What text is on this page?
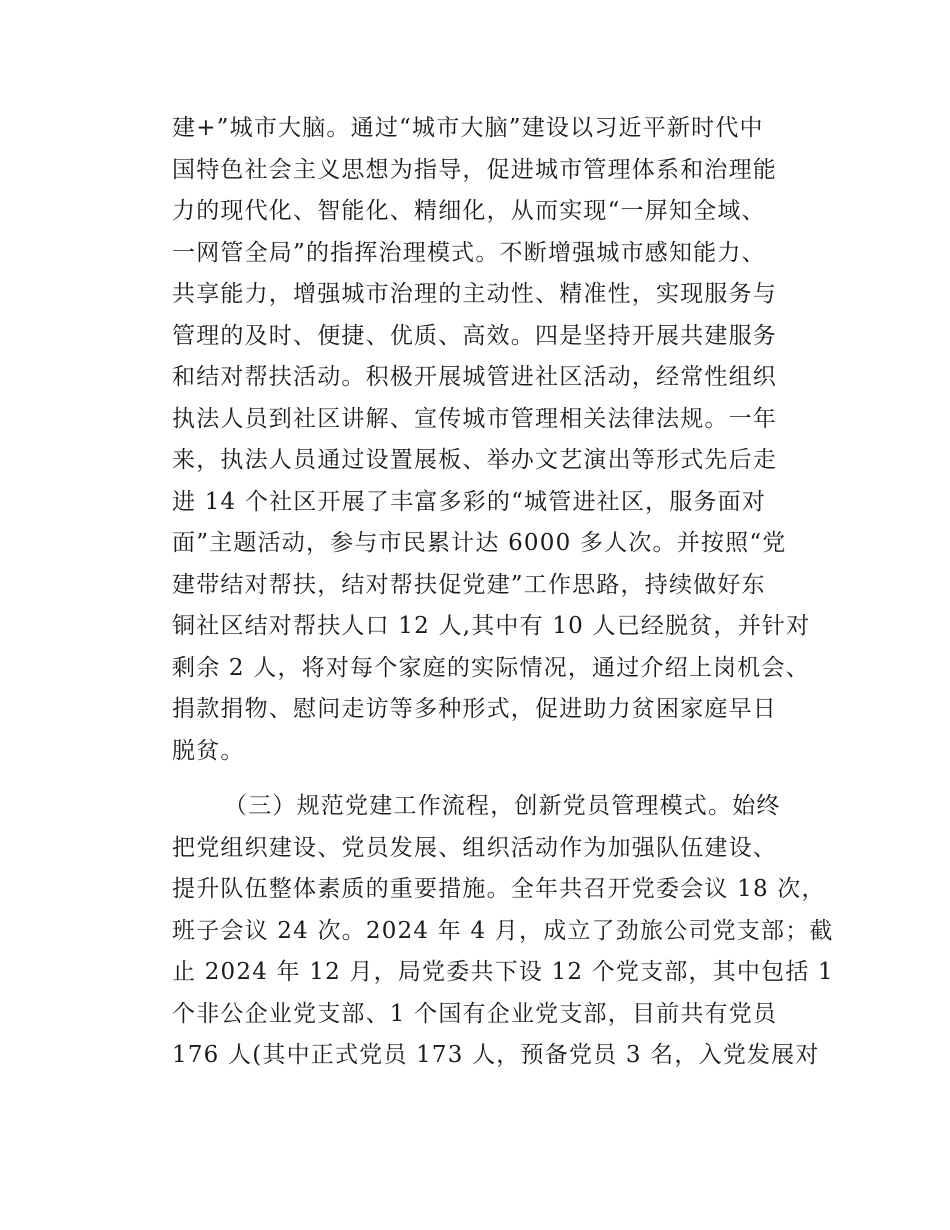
建+”城市大脑。通过“城市大脑”建设以习近平新时代中
国特色社会主义思想为指导，促进城市管理体系和治理能
力的现代化、智能化、精细化，从而实现“一屏知全域、
一网管全局”的指挥治理模式。不断增强城市感知能力、
共享能力，增强城市治理的主动性、精准性，实现服务与
管理的及时、便捷、优质、高效。四是坚持开展共建服务
和结对帮扶活动。积极开展城管进社区活动，经常性组织
执法人员到社区讲解、宣传城市管理相关法律法规。一年
来，执法人员通过设置展板、举办文艺演出等形式先后走
进 14 个社区开展了丰富多彩的“城管进社区，服务面对
面”主题活动，参与市民累计达 6000 多人次。并按照“党
建带结对帮扶，结对帮扶促党建”工作思路，持续做好东
铜社区结对帮扶人口 12 人,其中有 10 人已经脱贫，并针对
剩余 2 人，将对每个家庭的实际情况，通过介绍上岗机会、
捐款捐物、慰问走访等多种形式，促进助力贫困家庭早日
脱贫。
（三）规范党建工作流程，创新党员管理模式。始终
把党组织建设、党员发展、组织活动作为加强队伍建设、
提升队伍整体素质的重要措施。全年共召开党委会议 18 次，
班子会议 24 次。2024 年 4 月，成立了劲旅公司党支部；截
止 2024 年 12 月，局党委共下设 12 个党支部，其中包括 1
个非公企业党支部、1 个国有企业党支部，目前共有党员
176 人(其中正式党员 173 人，预备党员 3 名，入党发展对
